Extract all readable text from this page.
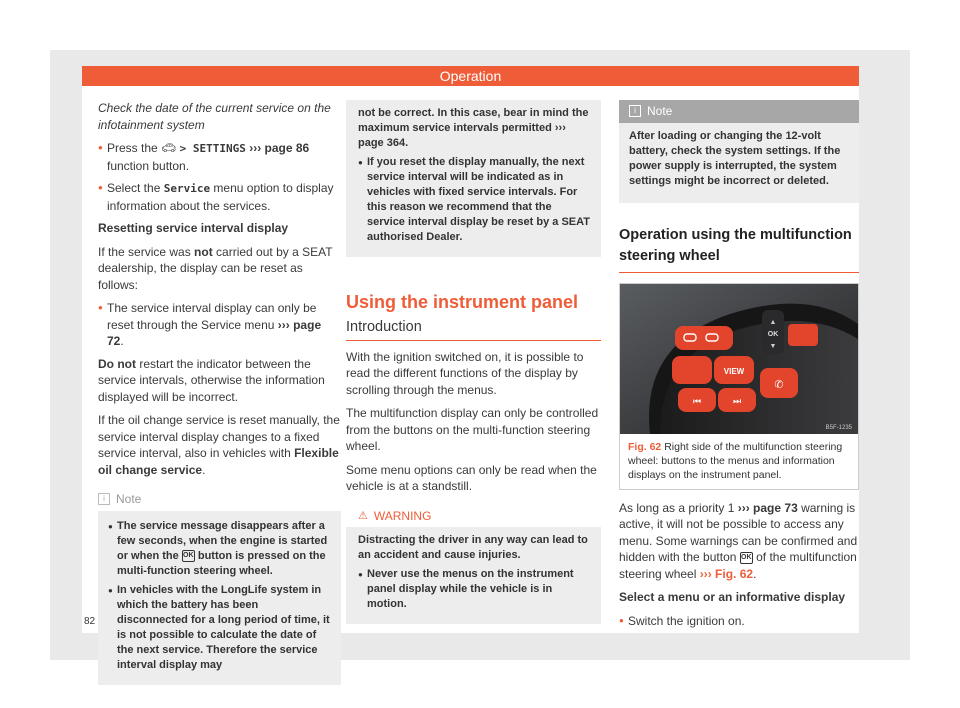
Operation

Check the date of the current service on the infotainment system

● Press the 🚗︎ > SETTINGS ››› page 86 function button.
● Select the Service menu option to display information about the services.

Resetting service interval display

If the service was not carried out by a SEAT dealership, the display can be reset as follows:

● The service interval display can only be reset through the Service menu ››› page 72.

Do not restart the indicator between the service intervals, otherwise the information displayed will be incorrect.

If the oil change service is reset manually, the service interval display changes to a fixed service interval, also in vehicles with Flexible oil change service.

i Note
● The service message disappears after a few seconds, when the engine is started or when the OK button is pressed on the multi-function steering wheel.
● In vehicles with the LongLife system in which the battery has been disconnected for a long period of time, it is not possible to calculate the date of the next service. Therefore the service interval display may

not be correct. In this case, bear in mind the maximum service intervals permitted ››› page 364.

● If you reset the display manually, the next service interval will be indicated as in vehicles with fixed service intervals. For this reason we recommend that the service interval display be reset by a SEAT authorised Dealer.
Using the instrument panel
Introduction

With the ignition switched on, it is possible to read the different functions of the display by scrolling through the menus.

The multifunction display can only be controlled from the buttons on the multi-function steering wheel.

Some menu options can only be read when the vehicle is at a standstill.

⚠ WARNING

Distracting the driver in any way can lead to an accident and cause injuries.

● Never use the menus on the instrument panel display while the vehicle is in motion.
i Note

After loading or changing the 12-volt battery, check the system settings. If the power supply is interrupted, the system settings might be incorrect or deleted.

Operation using the multifunction steering wheel
VIEW
⏮	⏭
✆
▲
OK
▼
B5F-1235
Fig. 62 Right side of the multifunction steering wheel: buttons to the menus and information displays on the instrument panel.

As long as a priority 1 ››› page 73 warning is active, it will not be possible to access any menu. Some warnings can be confirmed and hidden with the button OK of the multifunction steering wheel ››› Fig. 62.

Select a menu or an informative display

● Switch the ignition on.
82
